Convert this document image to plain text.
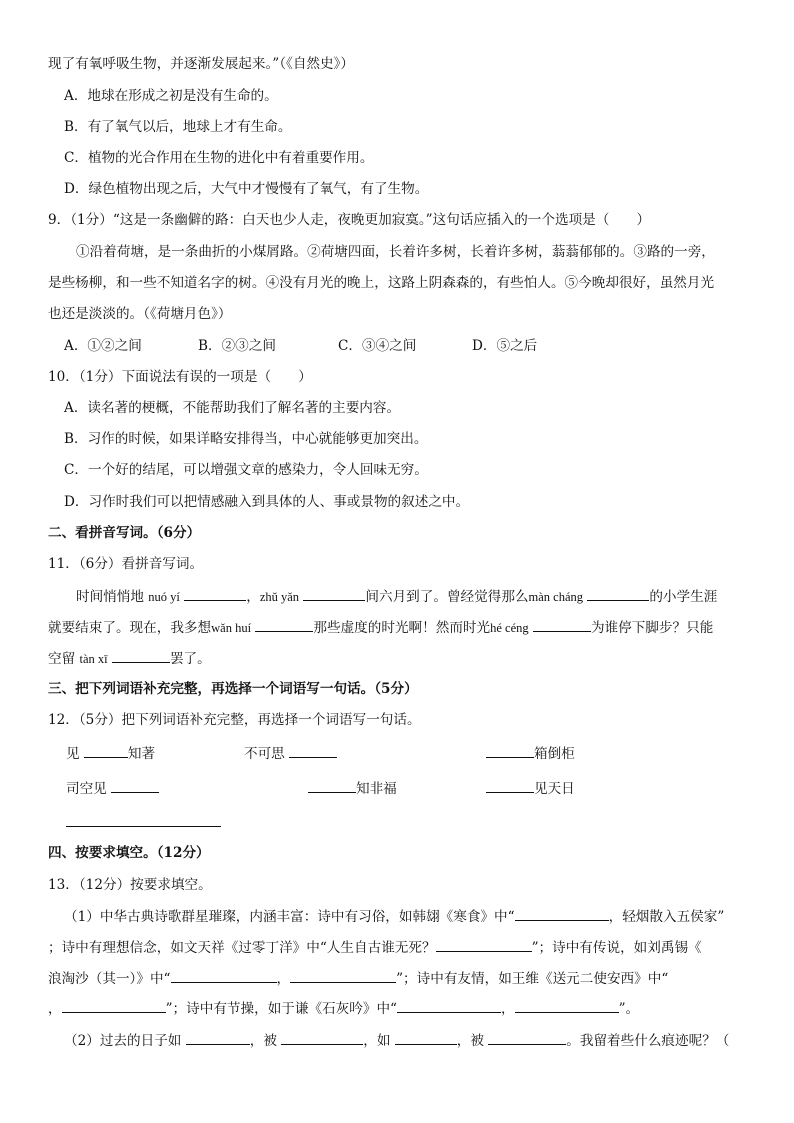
现了有氧呼吸生物，并逐渐发展起来。”（《自然史》）
A．地球在形成之初是没有生命的。
B．有了氧气以后，地球上才有生命。
C．植物的光合作用在生物的进化中有着重要作用。
D．绿色植物出现之后，大气中才慢慢有了氧气，有了生物。
9．（1分）“这是一条幽僻的路：白天也少人走，夜晚更加寂寞。”这句话应插入的一个选项是（　　）
①沿着荷塘，是一条曲折的小煤屑路。②荷塘四面，长着许多树，长着许多树，蓊蓊郁郁的。③路的一旁，
是些杨柳，和一些不知道名字的树。④没有月光的晚上，这路上阴森森的，有些怕人。⑤今晚却很好，虽然月光
也还是淡淡的。（《荷塘月色》）
A．①②之间	B．②③之间	C．③④之间	D．⑤之后
10．（1分）下面说法有误的一项是（　　）
A．读名著的梗概，不能帮助我们了解名著的主要内容。
B．习作的时候，如果详略安排得当，中心就能够更加突出。
C．一个好的结尾，可以增强文章的感染力，令人回味无穷。
D．习作时我们可以把情感融入到具体的人、事或景物的叙述之中。
二、看拼音写词。（6分）
11．（6分）看拼音写词。
时间悄悄地 nuó yí	，zhǔ yǎn	间六月到了。曾经觉得那么màn cháng	的小学生涯
就要结束了。现在，我多想wǎn huí	那些虚度的时光啊！然而时光hé céng	为谁停下脚步？只能
空留 tàn xī	罢了。
三、把下列词语补充完整，再选择一个词语写一句话。（5分）
12．（5分）把下列词语补充完整，再选择一个词语写一句话。
见	知著	不可思	箱倒柜
司空见	知非福	见天日
四、按要求填空。（12分）
13．（12分）按要求填空。
（1）中华古典诗歌群星璀璨，内涵丰富：诗中有习俗，如韩翃《寒食》中“	，轻烟散入五侯家”
；诗中有理想信念，如文天祥《过零丁洋》中“人生自古谁无死？	”；诗中有传说，如刘禹锡《
浪淘沙（其一）》中“	，	”；诗中有友情，如王维《送元二使安西》中“
，	”；诗中有节操，如于谦《石灰吟》中“	，	”。
（2）过去的日子如	，被	，如	，被	。我留着些什么痕迹呢？（
